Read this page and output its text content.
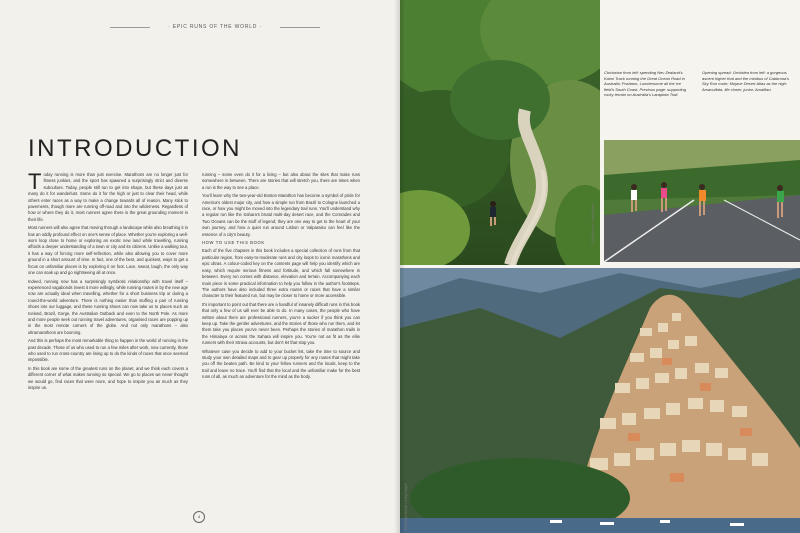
· EPIC RUNS OF THE WORLD ·
INTRODUCTION

Today running is more than just exercise. Marathons are no longer just for fitness junkies, and the sport has spawned a surprisingly strict and diverse subculture. Today, people still run to get into shape, but these days just as many do it for wanderlust. Some do it for the high or just to clear their head, while others enter races as a way to make a change towards all of reason. Many stick to pavements, though more are running off-road and into the wilderness. Regardless of how or where they do it, most runners agree there is the great grounding moment in their life.

Most runners will also agree that moving through a landscape while also breathing it in has an oddly profound effect on one's sense of place. Whether you're exploring a well-worn loop close to home or exploring an exotic new land while travelling, running affords a deeper understanding of a town or city and its citizens. Unlike a walking tour, it has a way of forcing more self-reflection, while also allowing you to cover more ground in a short amount of time. In fact, one of the best, and quickest, ways to get a focus on unfamiliar places is by exploring it on foot. Lace, sweat, laugh, the only way one can soak up and go sightseeing all at once.

Indeed, running now has a surprisingly symbiotic relationship with travel itself – experienced vagabonds invest it more willingly, while running routes in by the new age now are actually ideal when travelling, whether for a short business trip or during a round-the-world adventure. There is nothing easier than stuffing a pair of running shoes into our luggage, and these running shoes can now take us to places such as Iceland, Brazil, Gorge, the Australian Outback and even to the North Pole. As more and more people seek out running travel adventures, organised races are popping up in the most remote corners of the globe. And not only marathons – also ultramarathons are booming.

And this is perhaps the most remarkable thing to happen in the world of running in the past decade. Those of us who used to run a few miles after work, now currently, those who used to run cross-country are lining up to do the kinds of races that once seemed impossible.

In this book are some of the greatest runs on the planet, and we think each covers a different corner of what makes running so special. We go to places we never thought we would go, find races that were more, and hope to inspire you as much as they inspire us.

running – some even do it for a living – but also about the sites that make runs somewhere in between. There are stories that will stretch you, there are times when a run is the way to see a place.

You'll learn why the two-year-old Boston Marathon has become a symbol of pride for America's oldest major city, and how a simple run from Brazil to Cologne launched a race, or how you might be moved into the legendary trail runs. You'll understand why a regular run like the Sahara's brutal multi-day desert race, and the Comrades and Two Oceans can be the stuff of legend; they are one way to get to the heart of your own journey, and how a quiet run around Lisbon or Valparaiso can feel like the essence of a city's beauty.

HOW TO USE THIS BOOK

Each of the five chapters in this book includes a special collection of runs from that particular region, from easy-to-moderate runs and city loops to iconic marathons and epic ultras. A colour-coded key on the contents page will help you identify which are easy, which require serious fitness and fortitude, and which fall somewhere in between. Every run comes with distance, elevation and terrain. Accompanying each main piece is some practical information to help you follow in the author's footsteps. The authors have also included three extra routes or races that have a similar character to their featured run, but may be closer to home or more accessible.

It's important to point out that there are a handful of insanely difficult runs in this book that only a few of us will ever be able to do. In many cases, the people who have written about them are professional runners, you're a sucker if you think you can keep up. Take the gentler adventures, and the stories of those who run them, and let them take you places you've never been. Perhaps the stories of marathon trails in the Himalaya or across the Sahara will inspire you. You're not as fit as the elite runners with their Strava accounts, but don't let that stop you.

Whatever case you decide to add to your bucket list, take the time to source and study your own detailed maps and to gear up properly for any routes that might take you off the beaten path. Be kind to your fellow runners and the locals, keep to the trail and leave no trace. You'll find that the local and the unfamiliar make for the best runs of all, as much an adventure for the mind as the body.

4
© Matt Munro / Lonely Planet
Clockwise from left: spending Nev Zealand's Kaimi Track running the Great Ocean Road in Australia; Positano, Lumbersome all the ice field's South Coast. Previous page: supporting rocky terrain on Australia's Larapinta Trail.
Opening spread: Orchidea from left: a gorgeous ascent higher that and the minibus of Cabbrona's Sky Run route; Mojave Desert Atlas as the high: Amanulfata, life closer, junior, Amalfian.
© Mariano Mantel / Getty Images
